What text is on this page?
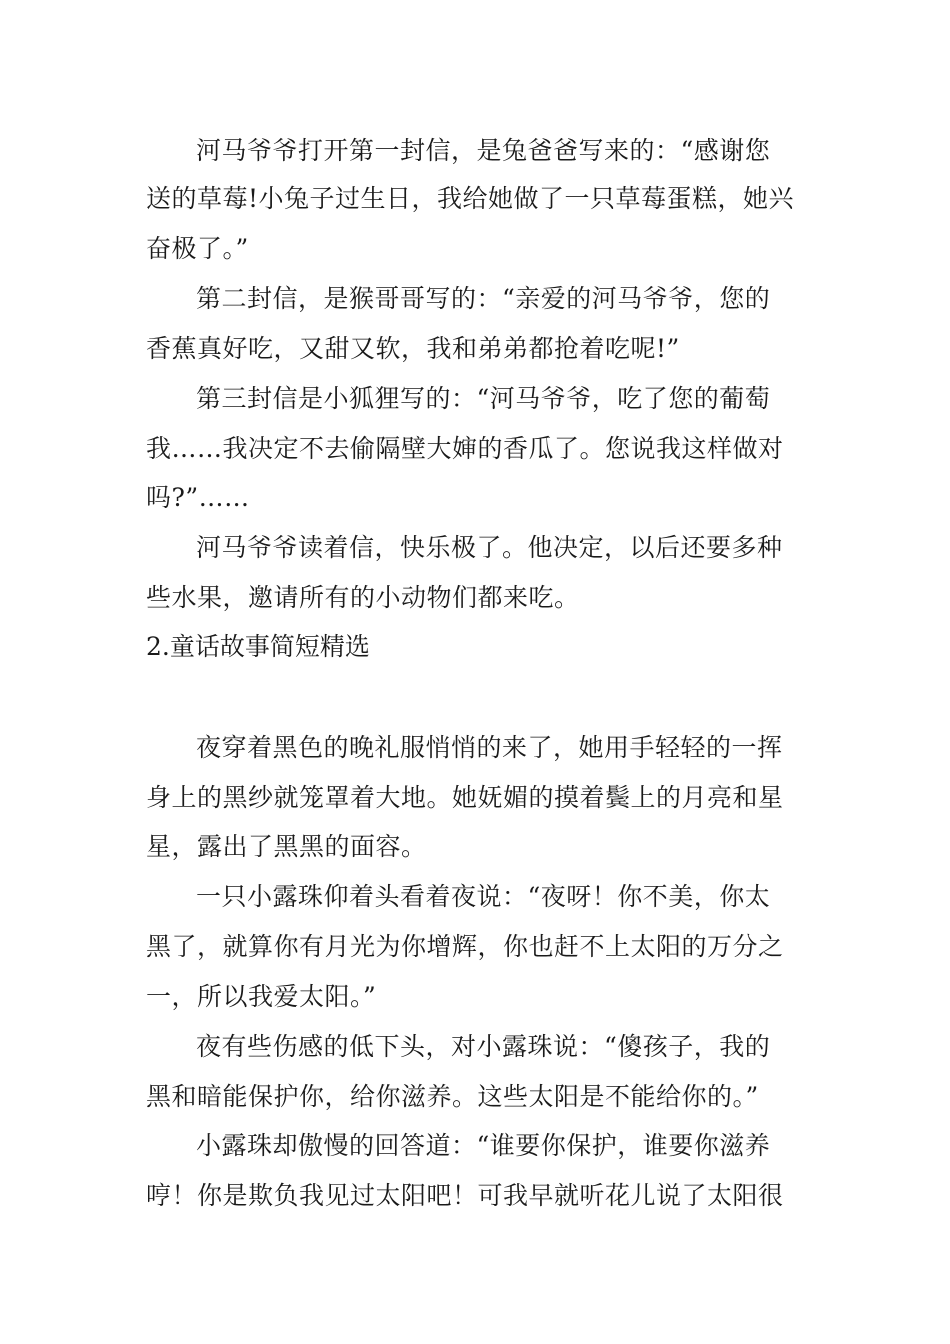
河马爷爷打开第一封信，是兔爸爸写来的：“感谢您
送的草莓!小兔子过生日，我给她做了一只草莓蛋糕，她兴
奋极了。”
第二封信，是猴哥哥写的：“亲爱的河马爷爷，您的
香蕉真好吃，又甜又软，我和弟弟都抢着吃呢!”
第三封信是小狐狸写的：“河马爷爷，吃了您的葡萄
我……我决定不去偷隔壁大婶的香瓜了。您说我这样做对
吗?”……
河马爷爷读着信，快乐极了。他决定，以后还要多种
些水果，邀请所有的小动物们都来吃。
2.童话故事简短精选
夜穿着黑色的晚礼服悄悄的来了，她用手轻轻的一挥
身上的黑纱就笼罩着大地。她妩媚的摸着鬓上的月亮和星
星，露出了黑黑的面容。
一只小露珠仰着头看着夜说：“夜呀！你不美，你太
黑了，就算你有月光为你增辉，你也赶不上太阳的万分之
一，所以我爱太阳。”
夜有些伤感的低下头，对小露珠说：“傻孩子，我的
黑和暗能保护你，给你滋养。这些太阳是不能给你的。”
小露珠却傲慢的回答道：“谁要你保护，谁要你滋养
哼！你是欺负我见过太阳吧！可我早就听花儿说了太阳很
